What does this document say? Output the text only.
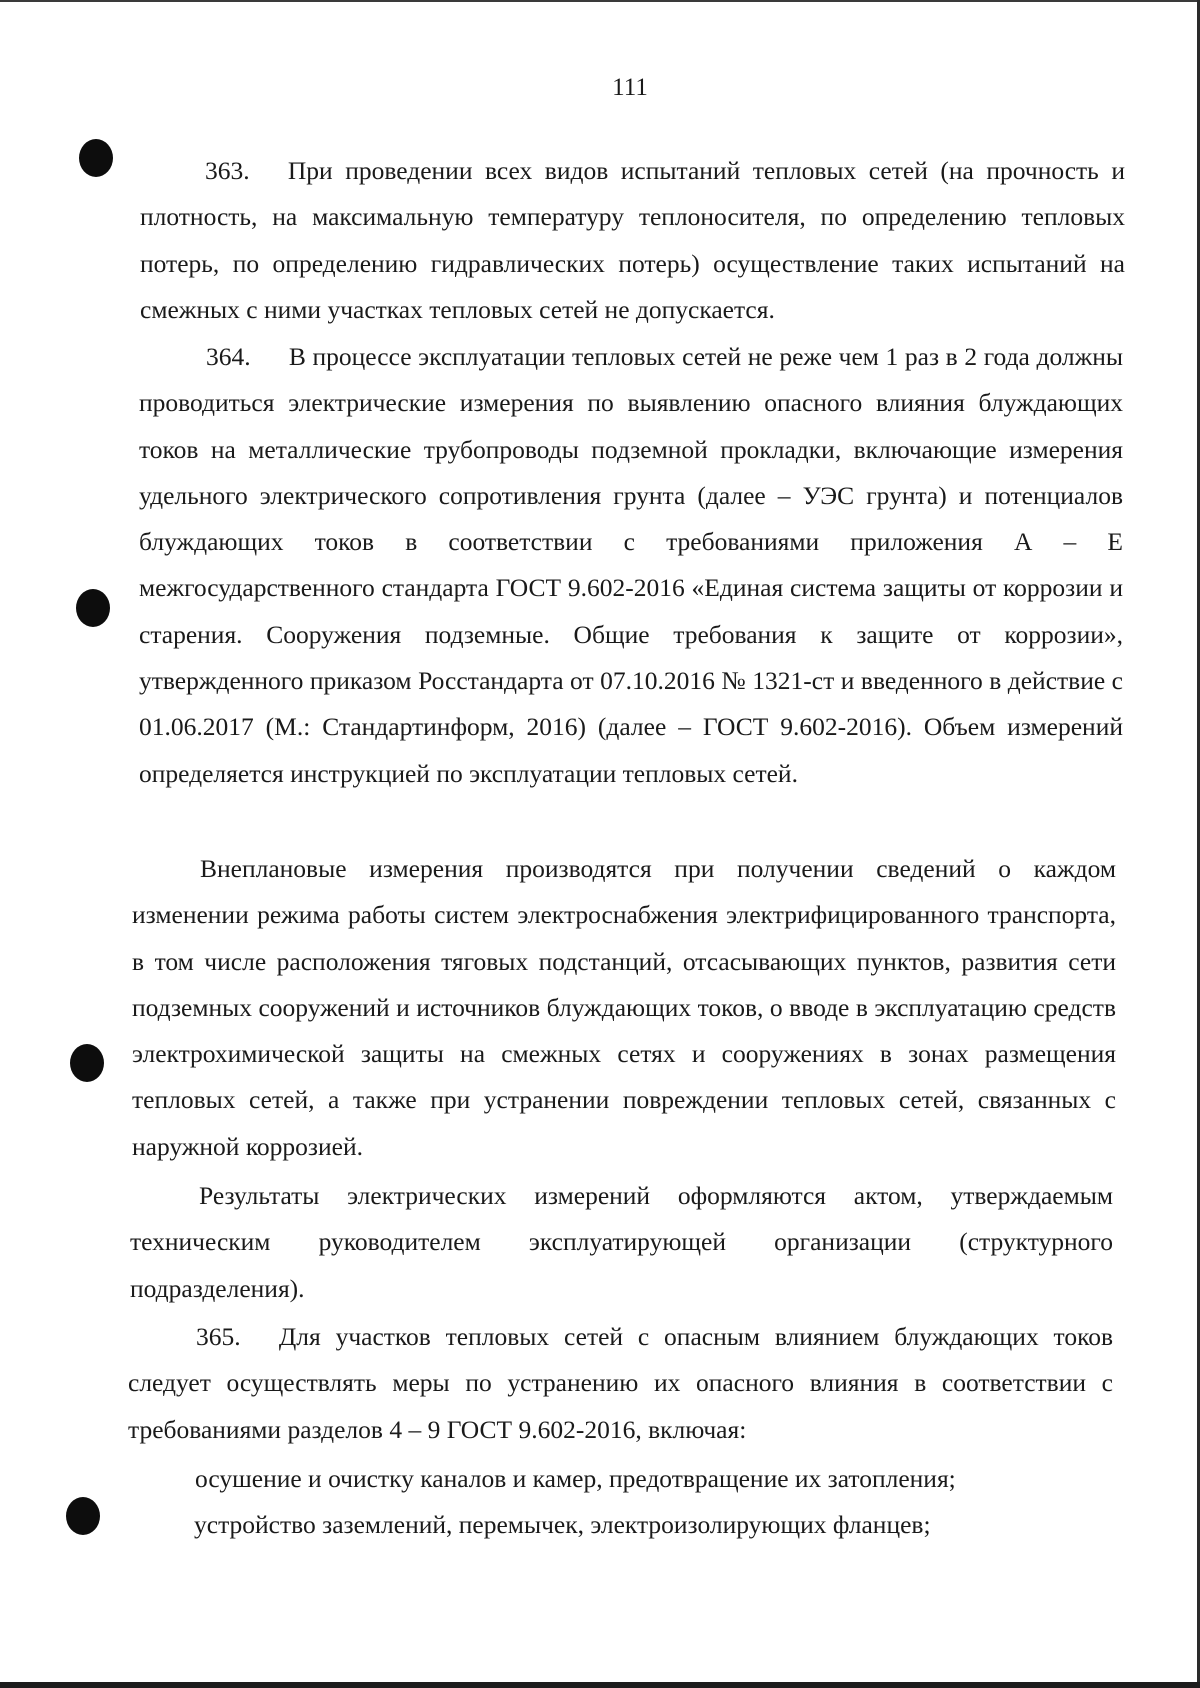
111

363.  При проведении всех видов испытаний тепловых сетей (на прочность и плотность, на максимальную температуру теплоносителя, по определению тепловых потерь, по определению гидравлических потерь) осуществление таких испытаний на смежных с ними участках тепловых сетей не допускается.

364.  В процессе эксплуатации тепловых сетей не реже чем 1 раз в 2 года должны проводиться электрические измерения по выявлению опасного влияния блуждающих токов на металлические трубопроводы подземной прокладки, включающие измерения удельного электрического сопротивления грунта (далее – УЭС грунта) и потенциалов блуждающих токов в соответствии с требованиями приложения А – Е межгосударственного стандарта ГОСТ 9.602-2016 «Единая система защиты от коррозии и старения. Сооружения подземные. Общие требования к защите от коррозии», утвержденного приказом Росстандарта от 07.10.2016 № 1321-ст и введенного в действие с 01.06.2017 (М.: Стандартинформ, 2016) (далее – ГОСТ 9.602-2016). Объем измерений определяется инструкцией по эксплуатации тепловых сетей.

Внеплановые измерения производятся при получении сведений о каждом изменении режима работы систем электроснабжения электрифицированного транспорта, в том числе расположения тяговых подстанций, отсасывающих пунктов, развития сети подземных сооружений и источников блуждающих токов, о вводе в эксплуатацию средств электрохимической защиты на смежных сетях и сооружениях в зонах размещения тепловых сетей, а также при устранении повреждении тепловых сетей, связанных с наружной коррозией.

Результаты электрических измерений оформляются актом, утверждаемым техническим руководителем эксплуатирующей организации (структурного подразделения).

365.  Для участков тепловых сетей с опасным влиянием блуждающих токов следует осуществлять меры по устранению их опасного влияния в соответствии с требованиями разделов 4 – 9 ГОСТ 9.602-2016, включая:

осушение и очистку каналов и камер, предотвращение их затопления;

устройство заземлений, перемычек, электроизолирующих фланцев;
